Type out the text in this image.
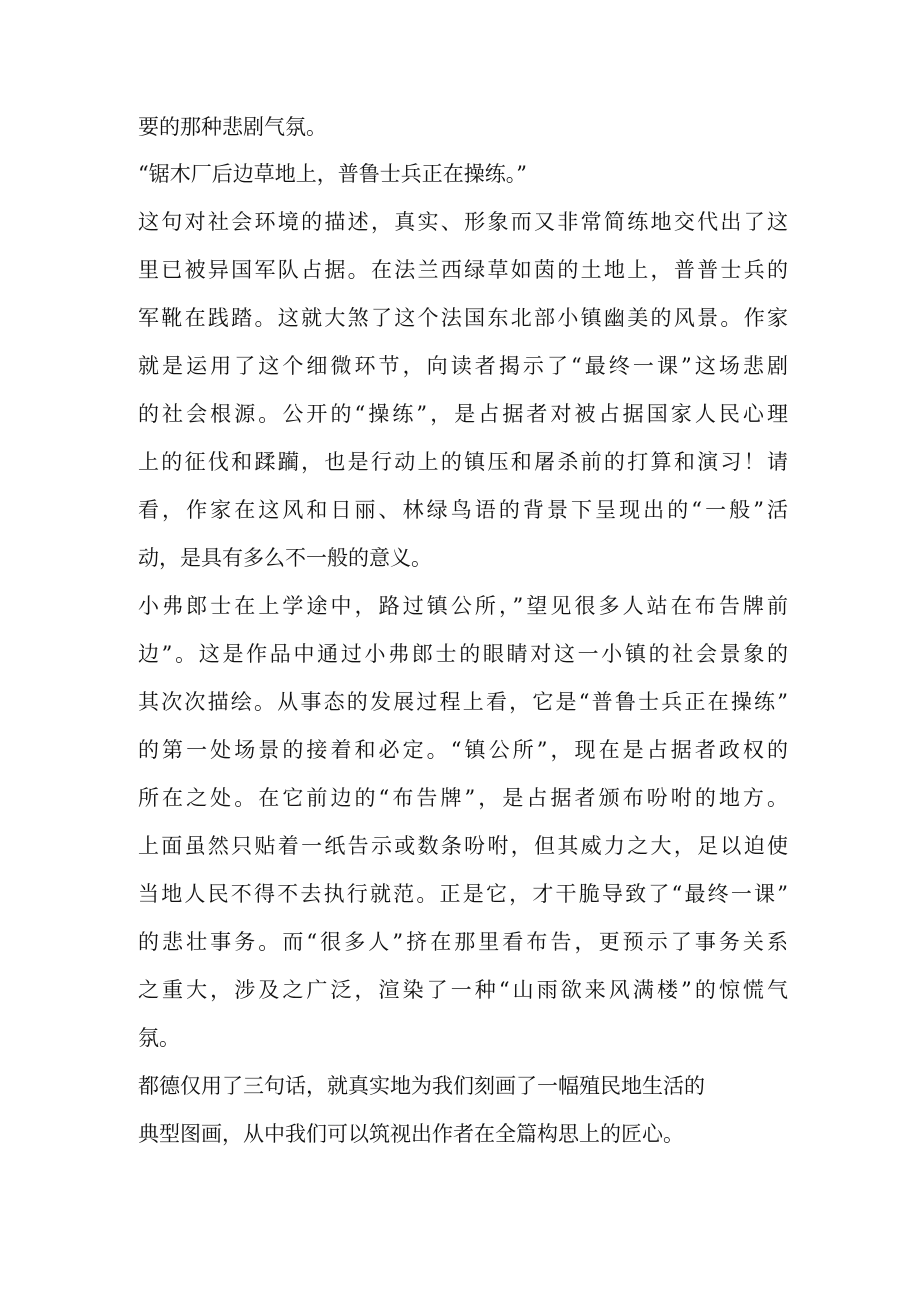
要的那种悲剧气氛。
“锯木厂后边草地上，普鲁士兵正在操练。”
这句对社会环境的描述，真实、形象而又非常简练地交代出了这
里已被异国军队占据。在法兰西绿草如茵的土地上，普普士兵的
军靴在践踏。这就大煞了这个法国东北部小镇幽美的风景。作家
就是运用了这个细微环节，向读者揭示了“最终一课”这场悲剧
的社会根源。公开的“操练”，是占据者对被占据国家人民心理
上的征伐和蹂躏，也是行动上的镇压和屠杀前的打算和演习！请
看，作家在这风和日丽、林绿鸟语的背景下呈现出的“一般”活
动，是具有多么不一般的意义。
小弗郎士在上学途中，路过镇公所，”望见很多人站在布告牌前
边”。这是作品中通过小弗郎士的眼睛对这一小镇的社会景象的
其次次描绘。从事态的发展过程上看，它是“普鲁士兵正在操练”
的第一处场景的接着和必定。“镇公所”，现在是占据者政权的
所在之处。在它前边的“布告牌”，是占据者颁布吩咐的地方。
上面虽然只贴着一纸告示或数条吩咐，但其威力之大，足以迫使
当地人民不得不去执行就范。正是它，才干脆导致了“最终一课”
的悲壮事务。而“很多人”挤在那里看布告，更预示了事务关系
之重大，涉及之广泛，渲染了一种“山雨欲来风满楼”的惊慌气
氛。
都德仅用了三句话，就真实地为我们刻画了一幅殖民地生活的
典型图画，从中我们可以筑视出作者在全篇构思上的匠心。
